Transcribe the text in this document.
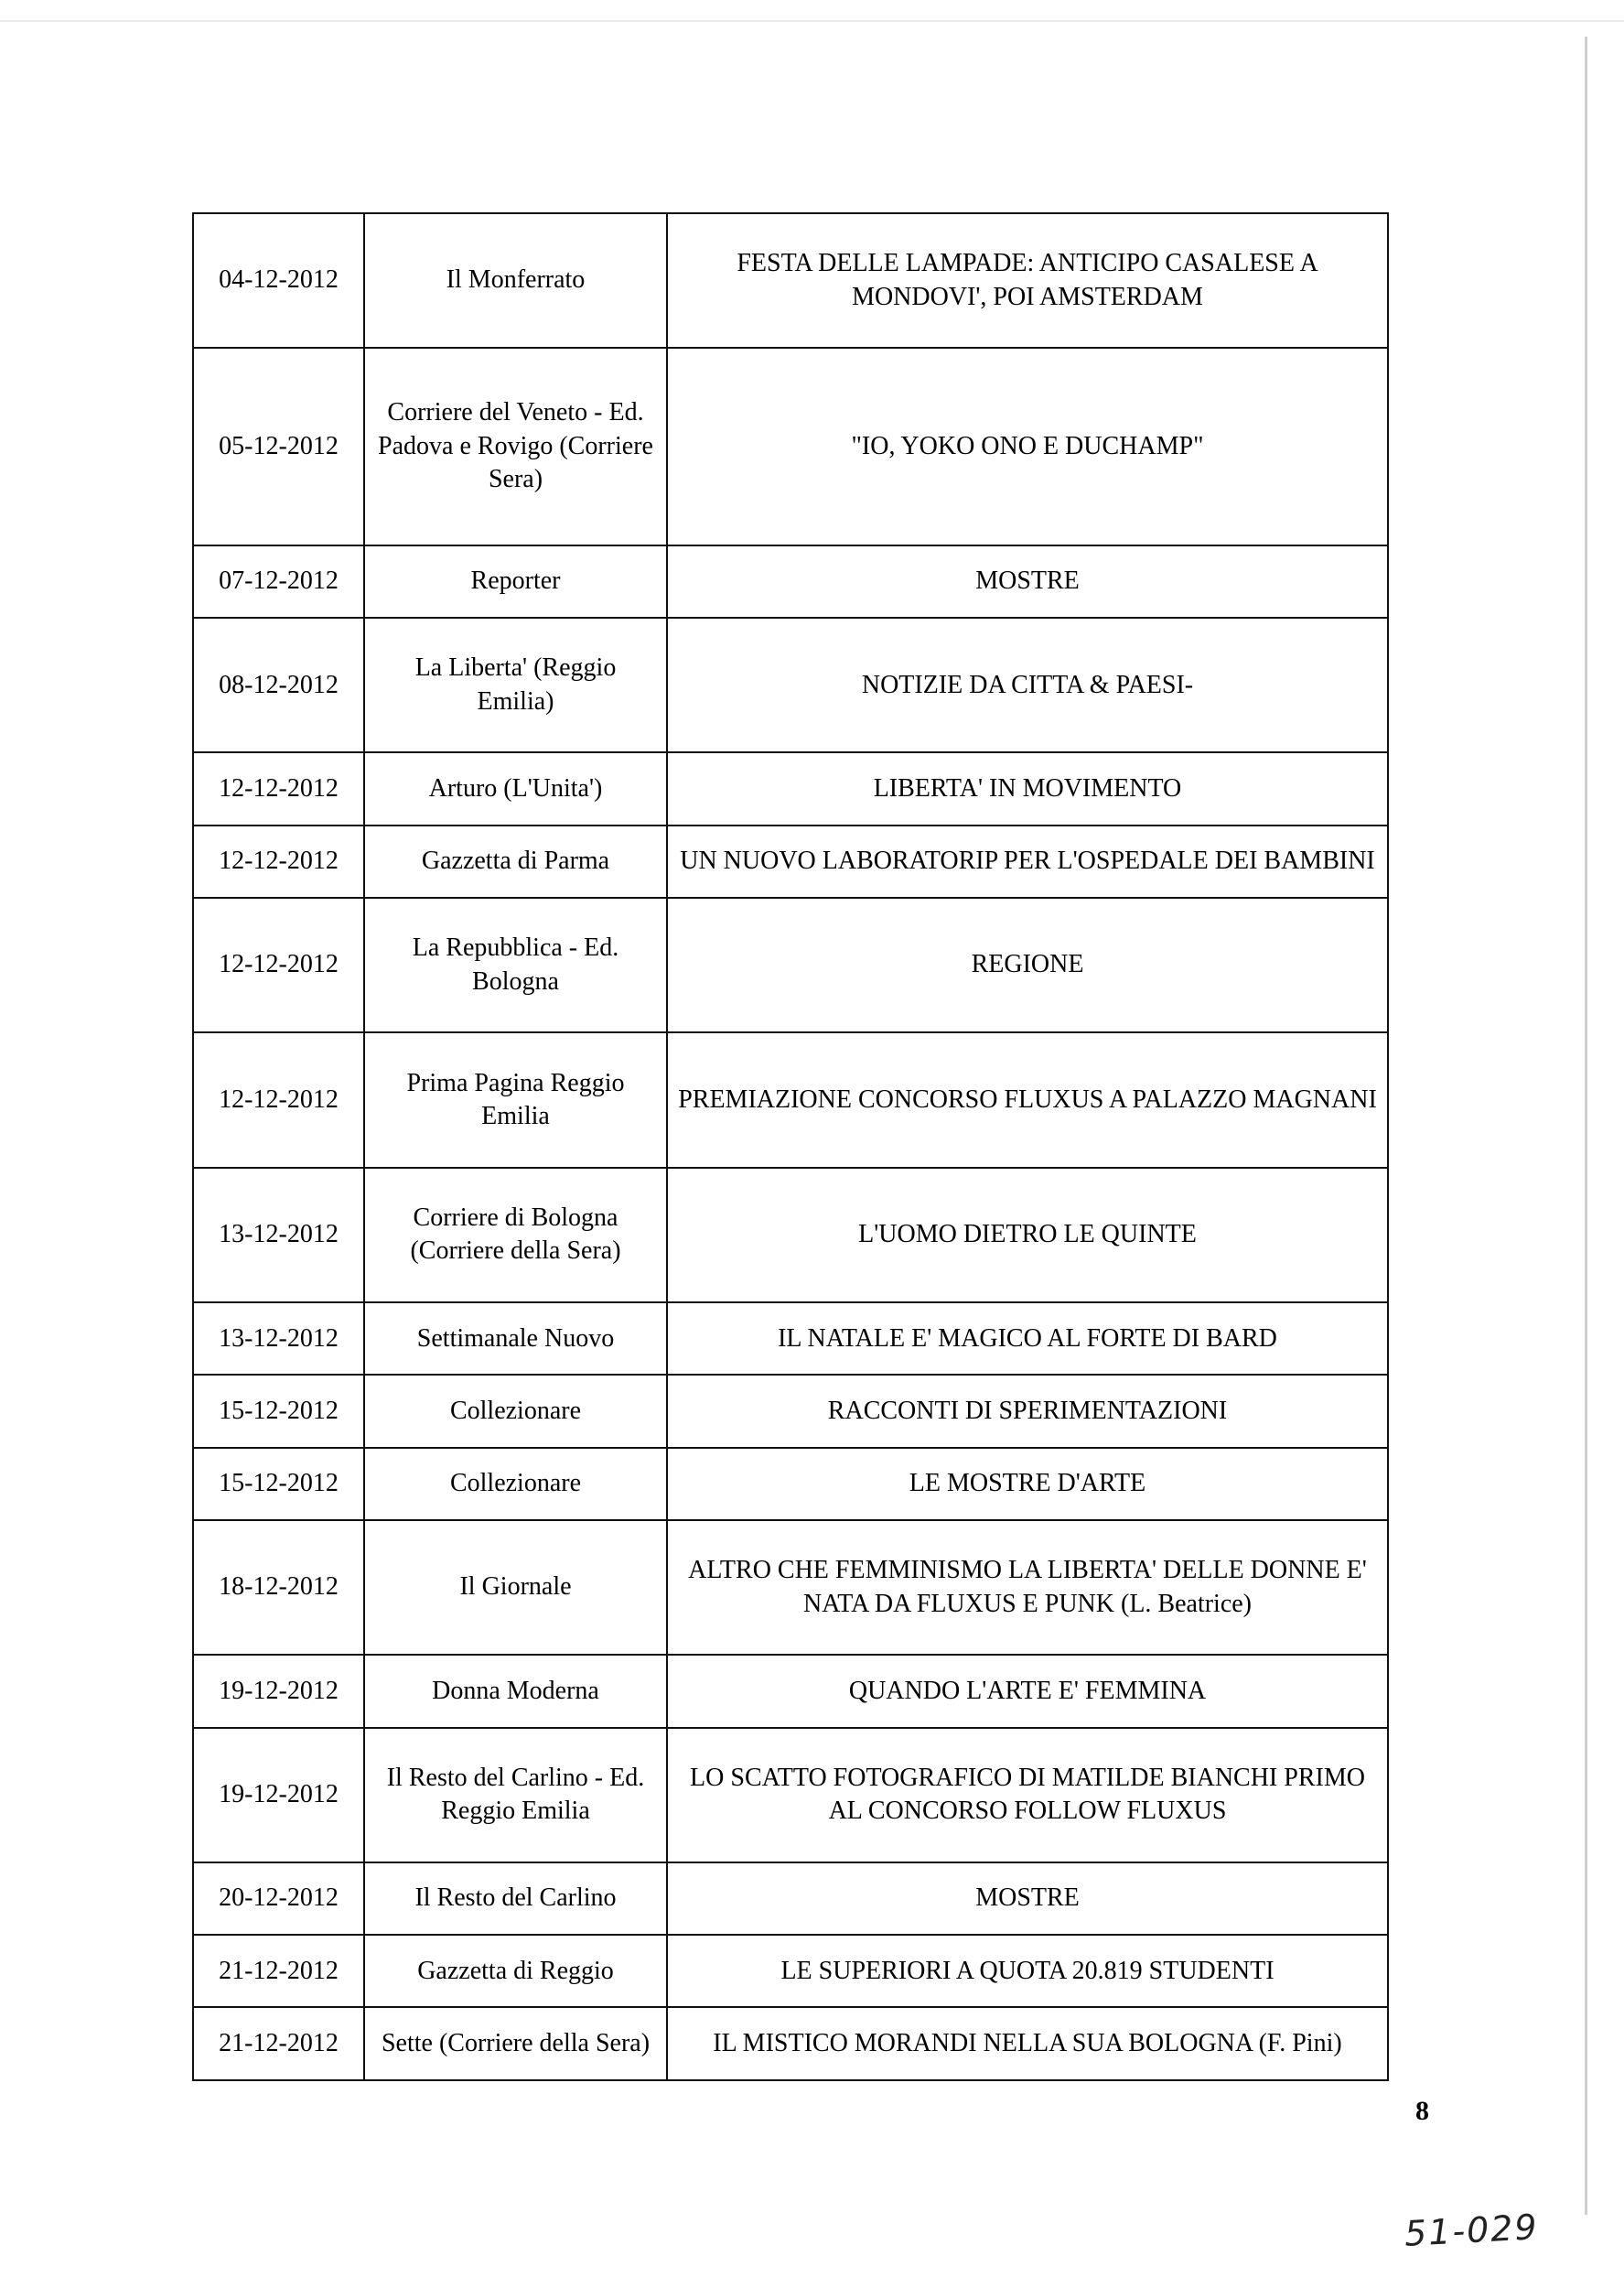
04-12-2012	Il Monferrato	FESTA DELLE LAMPADE: ANTICIPO CASALESE A MONDOVI', POI AMSTERDAM
05-12-2012	Corriere del Veneto - Ed. Padova e Rovigo (Corriere Sera)	"IO, YOKO ONO E DUCHAMP"
07-12-2012	Reporter	MOSTRE
08-12-2012	La Liberta' (Reggio Emilia)	NOTIZIE DA CITTA & PAESI-
12-12-2012	Arturo (L'Unita')	LIBERTA' IN MOVIMENTO
12-12-2012	Gazzetta di Parma	UN NUOVO LABORATORIP PER L'OSPEDALE DEI BAMBINI
12-12-2012	La Repubblica - Ed. Bologna	REGIONE
12-12-2012	Prima Pagina Reggio Emilia	PREMIAZIONE CONCORSO FLUXUS A PALAZZO MAGNANI
13-12-2012	Corriere di Bologna (Corriere della Sera)	L'UOMO DIETRO LE QUINTE
13-12-2012	Settimanale Nuovo	IL NATALE E' MAGICO AL FORTE DI BARD
15-12-2012	Collezionare	RACCONTI DI SPERIMENTAZIONI
15-12-2012	Collezionare	LE MOSTRE D'ARTE
18-12-2012	Il Giornale	ALTRO CHE FEMMINISMO LA LIBERTA' DELLE DONNE E' NATA DA FLUXUS E PUNK (L. Beatrice)
19-12-2012	Donna Moderna	QUANDO L'ARTE E' FEMMINA
19-12-2012	Il Resto del Carlino - Ed. Reggio Emilia	LO SCATTO FOTOGRAFICO DI MATILDE BIANCHI PRIMO AL CONCORSO FOLLOW FLUXUS
20-12-2012	Il Resto del Carlino	MOSTRE
21-12-2012	Gazzetta di Reggio	LE SUPERIORI A QUOTA 20.819 STUDENTI
21-12-2012	Sette (Corriere della Sera)	IL MISTICO MORANDI NELLA SUA BOLOGNA (F. Pini)
8
51-029
